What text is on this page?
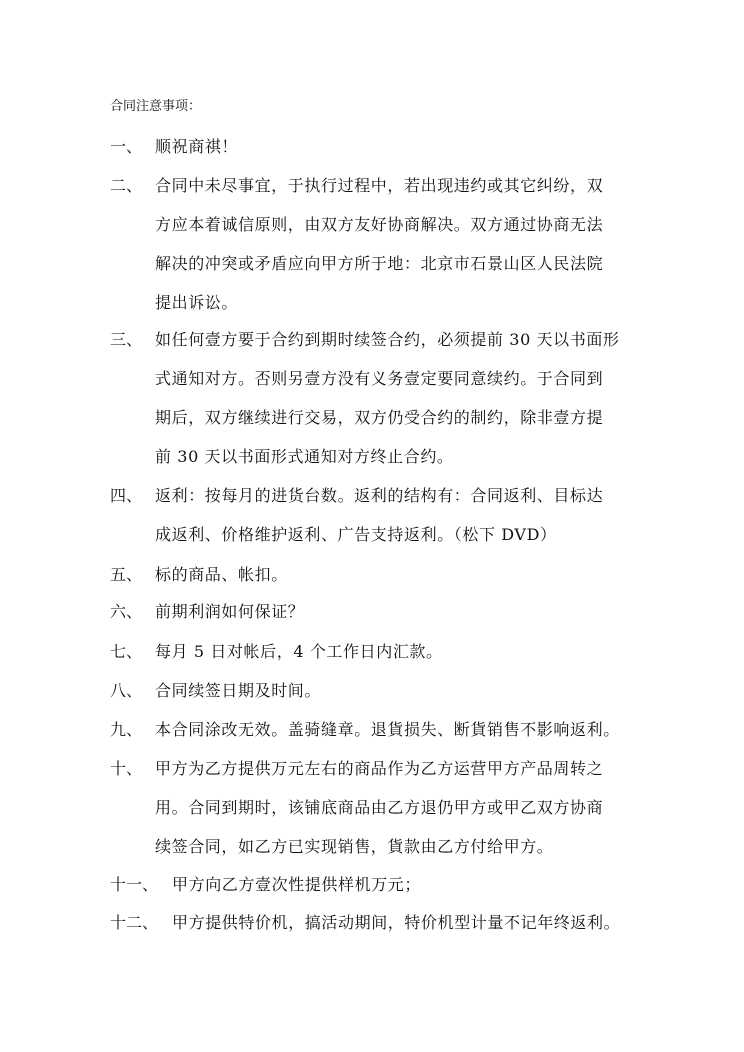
合同注意事项：
一、 顺祝商祺！
二、 合同中未尽事宜，于执行过程中，若出现违约或其它纠纷，双
方应本着诚信原则，由双方友好协商解决。双方通过协商无法
解决的冲突或矛盾应向甲方所于地：北京市石景山区人民法院
提出诉讼。
三、 如任何壹方要于合约到期时续签合约，必须提前 30 天以书面形
式通知对方。否则另壹方没有义务壹定要同意续约。于合同到
期后，双方继续进行交易，双方仍受合约的制约，除非壹方提
前 30 天以书面形式通知对方终止合约。
四、 返利：按每月的进货台数。返利的结构有：合同返利、目标达
成返利、价格维护返利、广告支持返利。（松下 DVD）
五、 标的商品、帐扣。
六、 前期利润如何保证？
七、 每月 5 日对帐后，4 个工作日内汇款。
八、 合同续签日期及时间。
九、 本合同涂改无效。盖骑缝章。退貨损失、断貨销售不影响返利。
十、 甲方为乙方提供万元左右的商品作为乙方运营甲方产品周转之
用。合同到期时，该铺底商品由乙方退仍甲方或甲乙双方协商
续签合同，如乙方已实现销售，貨款由乙方付给甲方。
十一、 甲方向乙方壹次性提供样机万元；
十二、 甲方提供特价机，搞活动期间，特价机型计量不记年终返利。
